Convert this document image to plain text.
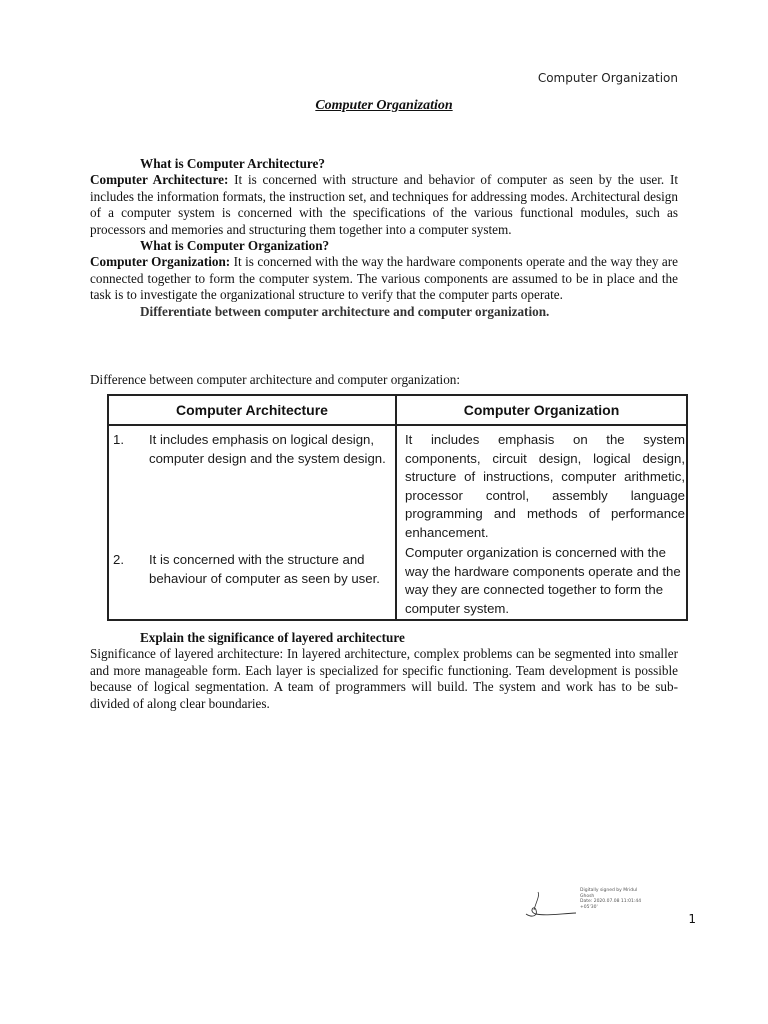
Computer Organization
Computer Organization

What is Computer Architecture?

Computer Architecture: It is concerned with structure and behavior of computer as seen by the user. It includes the information formats, the instruction set, and techniques for addressing modes. Architectural design of a computer system is concerned with the specifications of the various functional modules, such as processors and memories and structuring them together into a computer system.

What is Computer Organization?

Computer Organization: It is concerned with the way the hardware components operate and the way they are connected together to form the computer system. The various components are assumed to be in place and the task is to investigate the organizational structure to verify that the computer parts operate.

Differentiate between computer architecture and computer organization.

Difference between computer architecture and computer organization:
Computer Architecture	Computer Organization
1. It includes emphasis on logical design, computer design and the system design.
2. It is concerned with the structure and behaviour of computer as seen by user.
It includes emphasis on the system components, circuit design, logical design, structure of instructions, computer arithmetic, processor control, assembly language programming and methods of performance enhancement.
Computer organization is concerned with the way the hardware components operate and the way they are connected together to form the computer system.

Explain the significance of layered architecture

Significance of layered architecture: In layered architecture, complex problems can be segmented into smaller and more manageable form. Each layer is specialized for specific functioning. Team development is possible because of logical segmentation. A team of programmers will build. The system and work has to be sub-divided of along clear boundaries.

Digitally signed by Mridul
Ghosh
Date: 2020.07.08 11:01:44
+05'30'
1
